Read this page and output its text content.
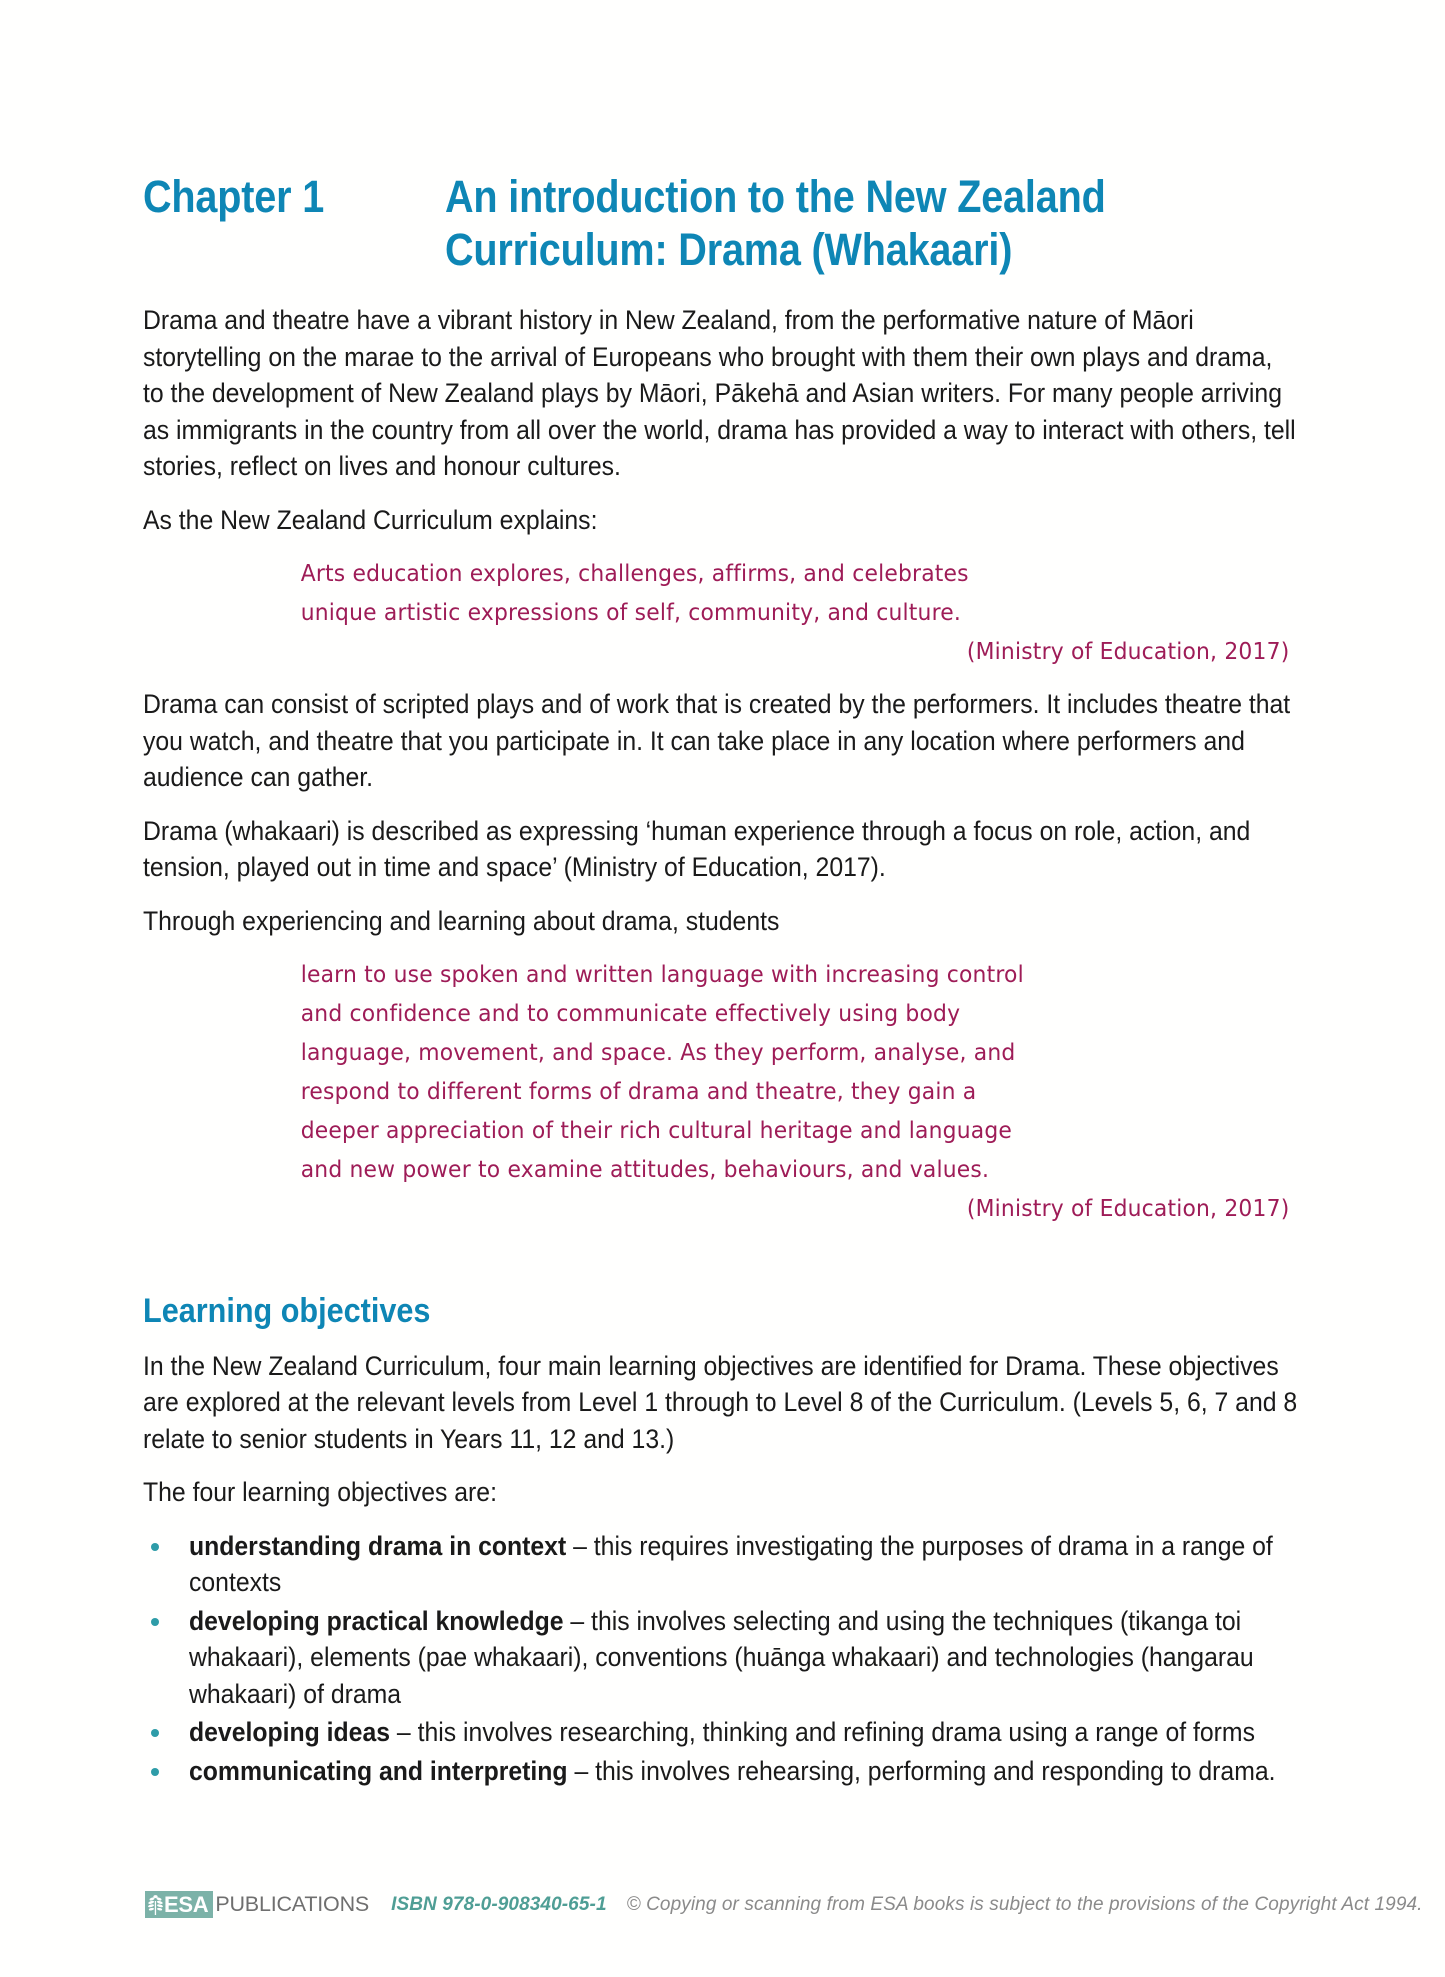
Chapter 1	An introduction to the New Zealand
Curriculum: Drama (Whakaari)

Drama and theatre have a vibrant history in New Zealand, from the performative nature of Māori storytelling on the marae to the arrival of Europeans who brought with them their own plays and drama, to the development of New Zealand plays by Māori, Pākehā and Asian writers. For many people arriving as immigrants in the country from all over the world, drama has provided a way to interact with others, tell stories, reflect on lives and honour cultures.

As the New Zealand Curriculum explains:

Arts education explores, challenges, affirms, and celebrates
unique artistic expressions of self, community, and culture.
(Ministry of Education, 2017)

Drama can consist of scripted plays and of work that is created by the performers. It includes theatre that you watch, and theatre that you participate in. It can take place in any location where performers and audience can gather.

Drama (whakaari) is described as expressing ‘human experience through a focus on role, action, and tension, played out in time and space’ (Ministry of Education, 2017).

Through experiencing and learning about drama, students

learn to use spoken and written language with increasing control
and confidence and to communicate effectively using body
language, movement, and space. As they perform, analyse, and
respond to different forms of drama and theatre, they gain a
deeper appreciation of their rich cultural heritage and language
and new power to examine attitudes, behaviours, and values.
(Ministry of Education, 2017)
Learning objectives

In the New Zealand Curriculum, four main learning objectives are identified for Drama. These objectives are explored at the relevant levels from Level 1 through to Level 8 of the Curriculum. (Levels 5, 6, 7 and 8 relate to senior students in Years 11, 12 and 13.)

The four learning objectives are:

understanding drama in context – this requires investigating the purposes of drama in a range of contexts
developing practical knowledge – this involves selecting and using the techniques (tikanga toi whakaari), elements (pae whakaari), conventions (huānga whakaari) and technologies (hangarau whakaari) of drama
developing ideas – this involves researching, thinking and refining drama using a range of forms
communicating and interpreting – this involves rehearsing, performing and responding to drama.
ESA PUBLICATIONS ISBN 978-0-908340-65-1 © Copying or scanning from ESA books is subject to the provisions of the Copyright Act 1994.
